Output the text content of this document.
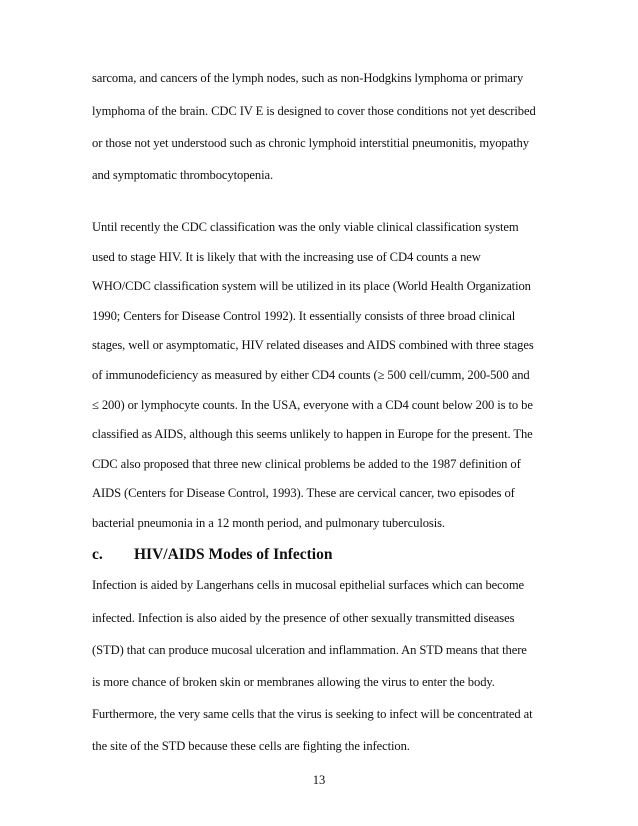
sarcoma, and cancers of the lymph nodes, such as non-Hodgkins lymphoma or primary
lymphoma of the brain. CDC IV E is designed to cover those conditions not yet described
or those not yet understood such as chronic lymphoid interstitial pneumonitis, myopathy
and symptomatic thrombocytopenia.
Until recently the CDC classification was the only viable clinical classification system
used to stage HIV. It is likely that with the increasing use of CD4 counts a new
WHO/CDC classification system will be utilized in its place (World Health Organization
1990; Centers for Disease Control 1992). It essentially consists of three broad clinical
stages, well or asymptomatic, HIV related diseases and AIDS combined with three stages
of immunodeficiency as measured by either CD4 counts (≥ 500 cell/cumm, 200-500 and
≤ 200) or lymphocyte counts. In the USA, everyone with a CD4 count below 200 is to be
classified as AIDS, although this seems unlikely to happen in Europe for the present. The
CDC also proposed that three new clinical problems be added to the 1987 definition of
AIDS (Centers for Disease Control, 1993). These are cervical cancer, two episodes of
bacterial pneumonia in a 12 month period, and pulmonary tuberculosis.
c. HIV/AIDS Modes of Infection
Infection is aided by Langerhans cells in mucosal epithelial surfaces which can become
infected. Infection is also aided by the presence of other sexually transmitted diseases
(STD) that can produce mucosal ulceration and inflammation. An STD means that there
is more chance of broken skin or membranes allowing the virus to enter the body.
Furthermore, the very same cells that the virus is seeking to infect will be concentrated at
the site of the STD because these cells are fighting the infection.
13
